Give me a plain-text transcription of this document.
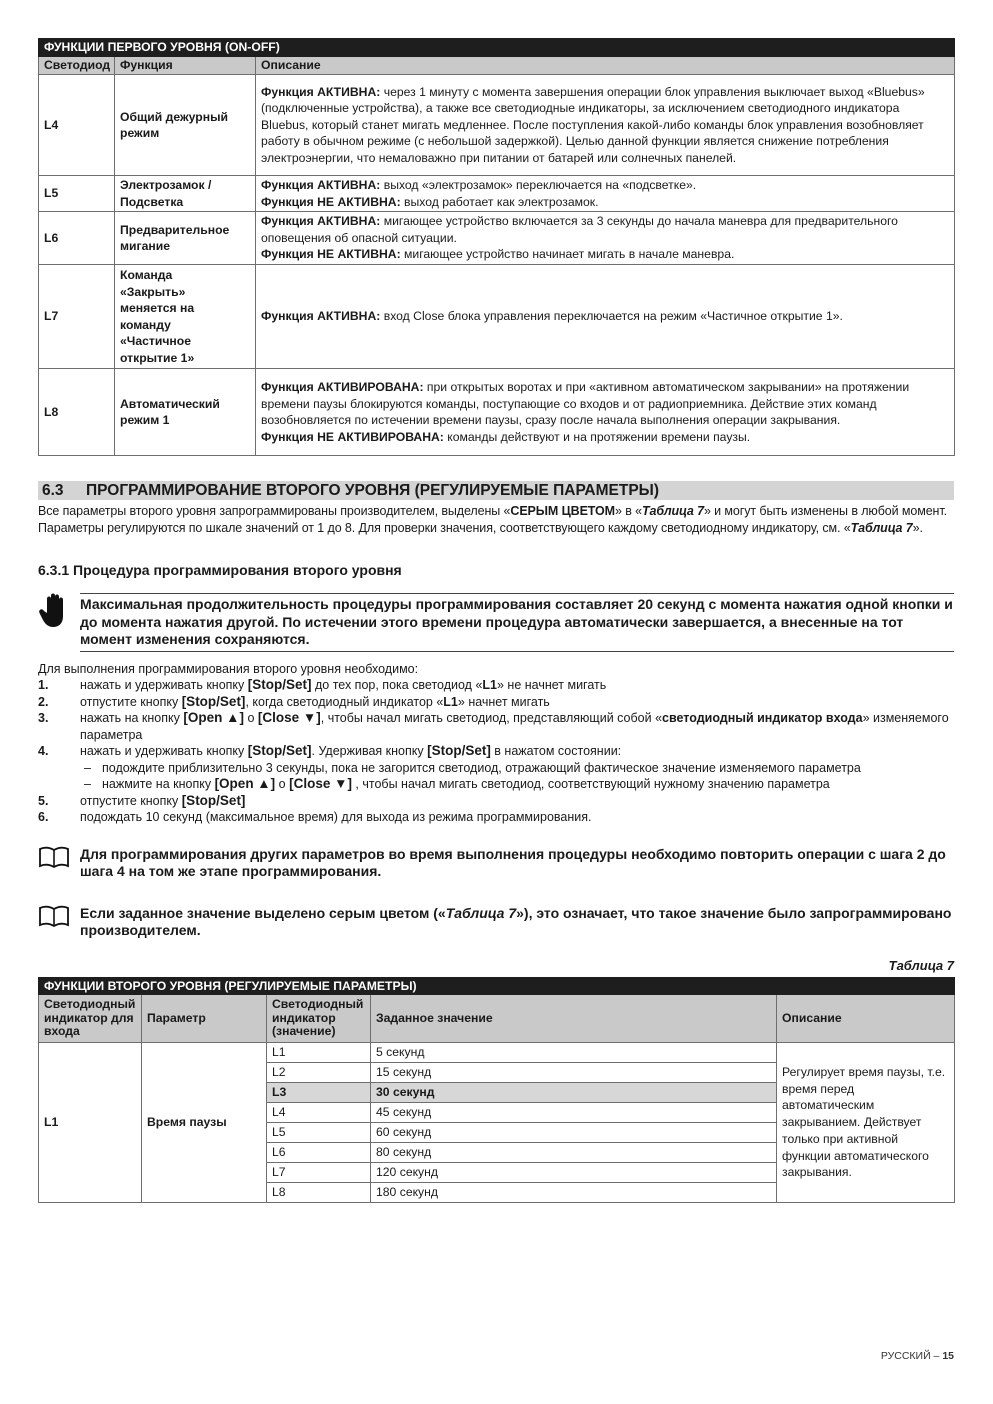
ФУНКЦИИ ПЕРВОГО УРОВНЯ (ON-OFF)		
Светодиод	Функция	Описание
L4	Общий дежурный режим	Функция АКТИВНА: через 1 минуту с момента завершения операции блок управления выключает выход «Bluebus» (подключенные устройства), а также все светодиодные индикаторы, за исключением светодиодного индикатора Bluebus, который станет мигать медленнее. После поступления какой-либо команды блок управления возобновляет работу в обычном режиме (с небольшой задержкой). Целью данной функции является снижение потребления электроэнергии, что немаловажно при питании от батарей или солнечных панелей.
L5	Электрозамок / Подсветка	Функция АКТИВНА: выход «электрозамок» переключается на «подсветке».
Функция НЕ АКТИВНА: выход работает как электрозамок.

L6	Предварительное мигание	Функция АКТИВНА: мигающее устройство включается за 3 секунды до начала маневра для предварительного оповещения об опасной ситуации.
Функция НЕ АКТИВНА: мигающее устройство начинает мигать в начале маневра.

L7	Команда «Закрыть» меняется на команду «Частичное открытие 1»	Функция АКТИВНА: вход Close блока управления переключается на режим «Частичное открытие 1».
L8	Автоматический режим 1	Функция АКТИВИРОВАНА: при открытых воротах и при «активном автоматическом закрывании» на протяжении времени паузы блокируются команды, поступающие со входов и от радиоприемника. Действие этих команд возобновляется по истечении времени паузы, сразу после начала выполнения операции закрывания.
Функция НЕ АКТИВИРОВАНА: команды действуют и на протяжении времени паузы.
6.3 ПРОГРАММИРОВАНИЕ ВТОРОГО УРОВНЯ (РЕГУЛИРУЕМЫЕ ПАРАМЕТРЫ)
Все параметры второго уровня запрограммированы производителем, выделены «СЕРЫМ ЦВЕТОМ» в «Таблица 7» и могут быть изменены в любой момент. Параметры регулируются по шкале значений от 1 до 8. Для проверки значения, соответствующего каждому светодиодному индикатору, см. «Таблица 7».
6.3.1 Процедура программирования второго уровня
Максимальная продолжительность процедуры программирования составляет 20 секунд с момента нажатия одной кнопки и до момента нажатия другой. По истечении этого времени процедура автоматически завершается, а внесенные на тот момент изменения сохраняются.
Для выполнения программирования второго уровня необходимо:
1.	нажать и удерживать кнопку [Stop/Set] до тех пор, пока светодиод «L1» не начнет мигать
2.	отпустите кнопку [Stop/Set], когда светодиодный индикатор «L1» начнет мигать
3.	нажать на кнопку [Open ▲] о [Close ▼], чтобы начал мигать светодиод, представляющий собой «светодиодный индикатор входа» изменяемого параметра
4.	нажать и удерживать кнопку [Stop/Set]. Удерживая кнопку [Stop/Set] в нажатом состоянии:
– подождите приблизительно 3 секунды, пока не загорится светодиод, отражающий фактическое значение изменяемого параметра
– нажмите на кнопку [Open ▲] о [Close ▼] , чтобы начал мигать светодиод, соответствующий нужному значению параметра
5.	отпустите кнопку [Stop/Set]
6.	подождать 10 секунд (максимальное время) для выхода из режима программирования.
Для программирования других параметров во время выполнения процедуры необходимо повторить операции с шага 2 до шага 4 на том же этапе программирования.
Если заданное значение выделено серым цветом («Таблица 7»), это означает, что такое значение было запрограммировано производителем.
Таблица 7
ФУНКЦИИ ВТОРОГО УРОВНЯ (РЕГУЛИРУЕМЫЕ ПАРАМЕТРЫ)				
Светодиодный индикатор для входа	Параметр	Светодиодный индикатор (значение)	Заданное значение	Описание
L1	Время паузы	L1	5 секунд	Регулирует время паузы, т.е. время перед автоматическим закрыванием. Действует только при активной функции автоматического закрывания.
		L2	15 секунд	
		L3	30 секунд	
		L4	45 секунд	
		L5	60 секунд	
		L6	80 секунд	
		L7	120 секунд	
		L8	180 секунд	
РУССКИЙ – 15
